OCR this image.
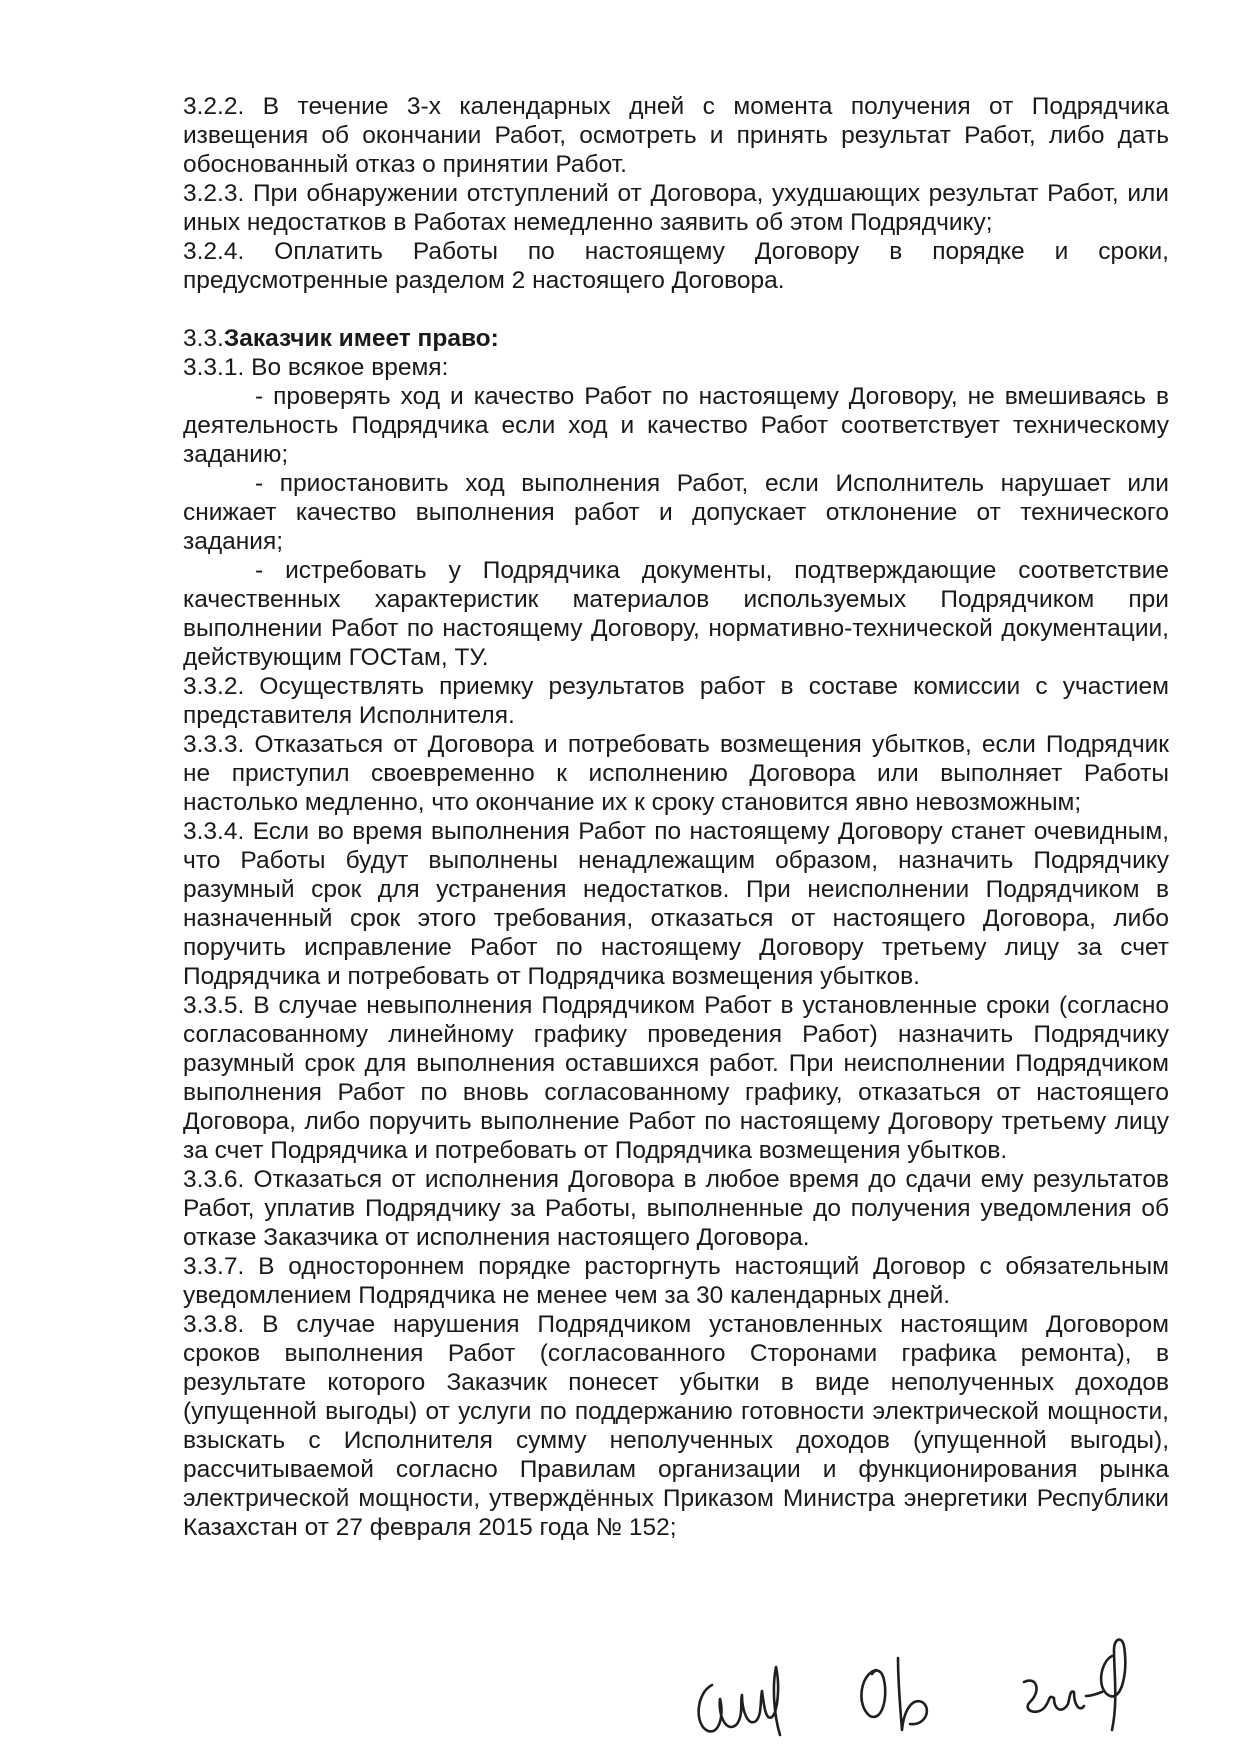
3.2.2. В течение 3-х календарных дней с момента получения от Подрядчика извещения об окончании Работ, осмотреть и принять результат Работ, либо дать обоснованный отказ о принятии Работ.

3.2.3. При обнаружении отступлений от Договора, ухудшающих результат Работ, или иных недостатков в Работах немедленно заявить об этом Подрядчику;

3.2.4. Оплатить Работы по настоящему Договору в порядке и сроки, предусмотренные разделом 2 настоящего Договора.

3.3.Заказчик имеет право:

3.3.1. Во всякое время:

- проверять ход и качество Работ по настоящему Договору, не вмешиваясь в деятельность Подрядчика если ход и качество Работ соответствует техническому заданию;

- приостановить ход выполнения Работ, если Исполнитель нарушает или снижает качество выполнения работ и допускает отклонение от технического задания;

- истребовать у Подрядчика документы, подтверждающие соответствие качественных характеристик материалов используемых Подрядчиком при выполнении Работ по настоящему Договору, нормативно-технической документации, действующим ГОСТам, ТУ.

3.3.2. Осуществлять приемку результатов работ в составе комиссии с участием представителя Исполнителя.

3.3.3. Отказаться от Договора и потребовать возмещения убытков, если Подрядчик не приступил своевременно к исполнению Договора или выполняет Работы настолько медленно, что окончание их к сроку становится явно невозможным;

3.3.4. Если во время выполнения Работ по настоящему Договору станет очевидным, что Работы будут выполнены ненадлежащим образом, назначить Подрядчику разумный срок для устранения недостатков. При неисполнении Подрядчиком в назначенный срок этого требования, отказаться от настоящего Договора, либо поручить исправление Работ по настоящему Договору третьему лицу за счет Подрядчика и потребовать от Подрядчика возмещения убытков.

3.3.5. В случае невыполнения Подрядчиком Работ в установленные сроки (согласно согласованному линейному графику проведения Работ) назначить Подрядчику разумный срок для выполнения оставшихся работ. При неисполнении Подрядчиком выполнения Работ по вновь согласованному графику, отказаться от настоящего Договора, либо поручить выполнение Работ по настоящему Договору третьему лицу за счет Подрядчика и потребовать от Подрядчика возмещения убытков.

3.3.6. Отказаться от исполнения Договора в любое время до сдачи ему результатов Работ, уплатив Подрядчику за Работы, выполненные до получения уведомления об отказе Заказчика от исполнения настоящего Договора.

3.3.7. В одностороннем порядке расторгнуть настоящий Договор с обязательным уведомлением Подрядчика не менее чем за 30 календарных дней.

3.3.8. В случае нарушения Подрядчиком установленных настоящим Договором сроков выполнения Работ (согласованного Сторонами графика ремонта), в результате которого Заказчик понесет убытки в виде неполученных доходов (упущенной выгоды) от услуги по поддержанию готовности электрической мощности, взыскать с Исполнителя сумму неполученных доходов (упущенной выгоды), рассчитываемой согласно Правилам организации и функционирования рынка электрической мощности, утверждённых Приказом Министра энергетики Республики Казахстан от 27 февраля 2015 года № 152;
